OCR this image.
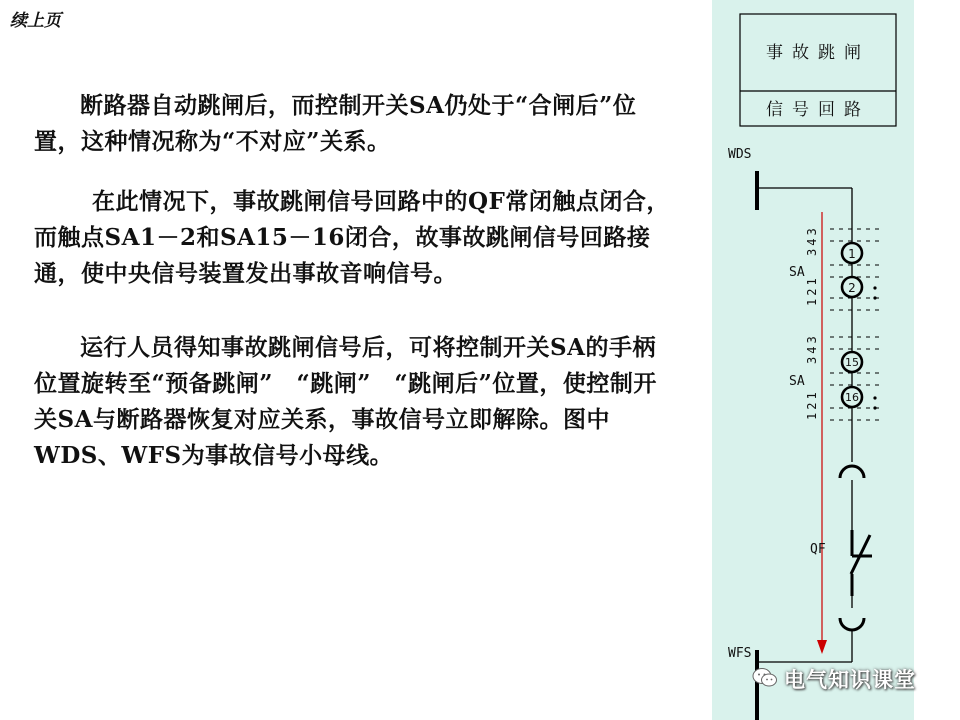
续上页
断路器自动跳闸后，而控制开关SA仍处于“合闸后”位置，这种情况称为“不对应”关系。
在此情况下，事故跳闸信号回路中的QF常闭触点闭合，而触点SA1－2和SA15－16闭合，故事故跳闸信号回路接通，使中央信号装置发出事故音响信号。
运行人员得知事故跳闸信号后，可将控制开关SA的手柄位置旋转至“预备跳闸”　“跳闸”　“跳闸后”位置，使控制开关SA与断路器恢复对应关系，事故信号立即解除。图中WDS、WFS为事故信号小母线。
事故跳闸
信号回路
WDS
343
121
SA
1
2
343
121
SA
15
16
QF
WFS
电气知识课堂
